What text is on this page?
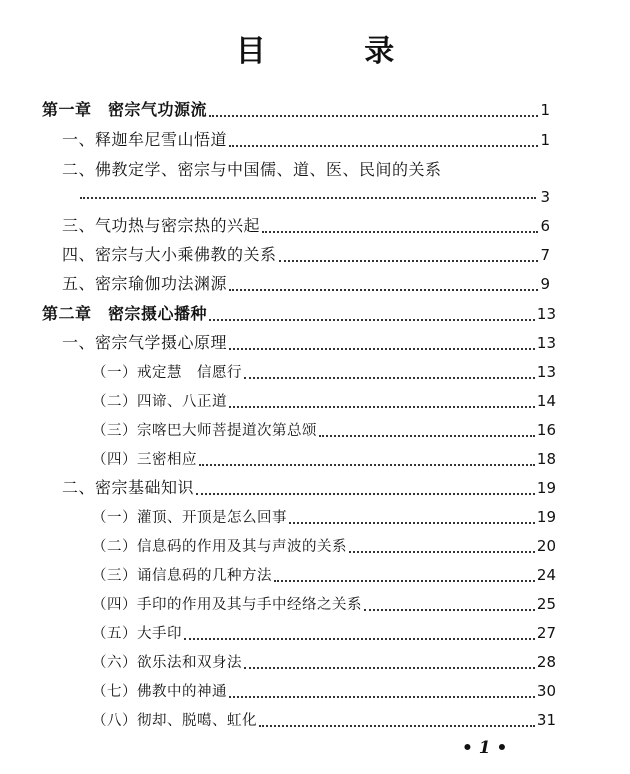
目 录
第一章　密宗气功源流	1
一、释迦牟尼雪山悟道	1
二、佛教定学、密宗与中国儒、道、医、民间的关系
3
三、气功热与密宗热的兴起	6
四、密宗与大小乘佛教的关系	7
五、密宗瑜伽功法渊源	9
第二章　密宗摄心播种	13
一、密宗气学摄心原理	13
（一）戒定慧　信愿行	13
（二）四谛、八正道	14
（三）宗喀巴大师菩提道次第总颂	16
（四）三密相应	18
二、密宗基础知识	19
（一）灌顶、开顶是怎么回事	19
（二）信息码的作用及其与声波的关系	20
（三）诵信息码的几种方法	24
（四）手印的作用及其与手中经络之关系	25
（五）大手印	27
（六）欲乐法和双身法	28
（七）佛教中的神通	30
（八）彻却、脱噶、虹化	31
• 1 •
